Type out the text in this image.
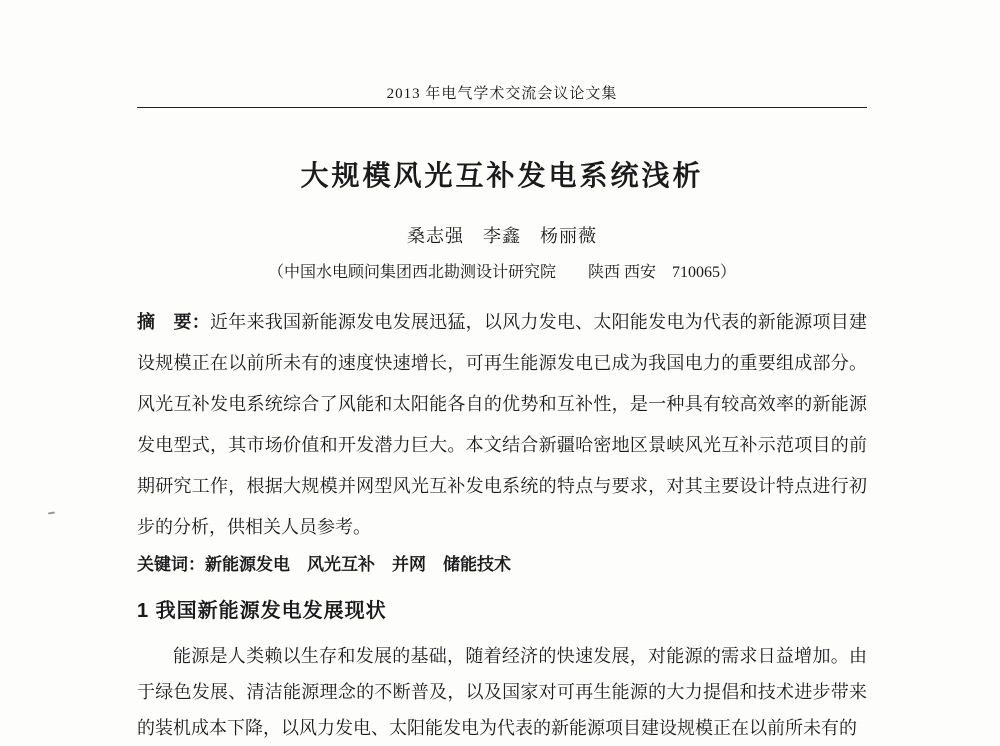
2013 年电气学术交流会议论文集
大规模风光互补发电系统浅析
桑志强　李鑫　杨丽薇
（中国水电顾问集团西北勘测设计研究院　　陕西 西安　710065）

摘　要：近年来我国新能源发电发展迅猛，以风力发电、太阳能发电为代表的新能源项目建设规模正在以前所未有的速度快速增长，可再生能源发电已成为我国电力的重要组成部分。风光互补发电系统综合了风能和太阳能各自的优势和互补性，是一种具有较高效率的新能源发电型式，其市场价值和开发潜力巨大。本文结合新疆哈密地区景峡风光互补示范项目的前期研究工作，根据大规模并网型风光互补发电系统的特点与要求，对其主要设计特点进行初步的分析，供相关人员参考。

关键词：新能源发电　风光互补　并网　储能技术

1 我国新能源发电发展现状

能源是人类赖以生存和发展的基础，随着经济的快速发展，对能源的需求日益增加。由于绿色发展、清洁能源理念的不断普及，以及国家对可再生能源的大力提倡和技术进步带来的装机成本下降，以风力发电、太阳能发电为代表的新能源项目建设规模正在以前所未有的
